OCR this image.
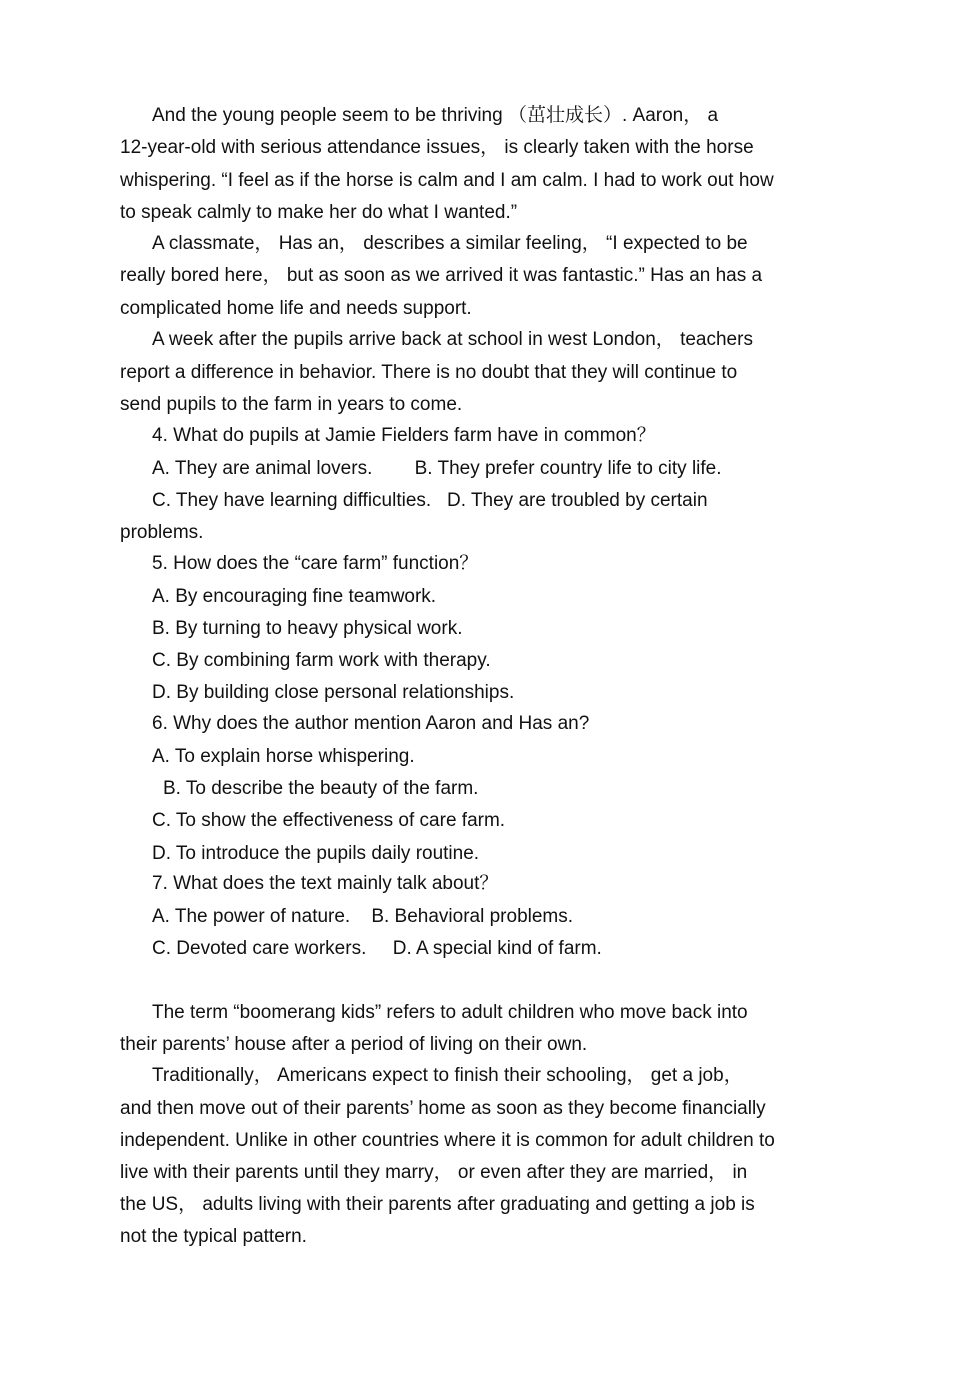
And the young people seem to be thriving （茁壮成长）. Aaron， a

12-year-old with serious attendance issues， is clearly taken with the horse

whispering. “I feel as if the horse is calm and I am calm. I had to work out how

to speak calmly to make her do what I wanted.”

A classmate， Has an， describes a similar feeling， “I expected to be

really bored here， but as soon as we arrived it was fantastic.” Has an has a

complicated home life and needs support.

A week after the pupils arrive back at school in west London， teachers

report a difference in behavior. There is no doubt that they will continue to

send pupils to the farm in years to come.

4. What do pupils at Jamie Fielders farm have in common？

A. They are animal lovers.        B. They prefer country life to city life.

C. They have learning difficulties.   D. They are troubled by certain

problems.

5. How does the “care farm” function？

A. By encouraging fine teamwork.

B. By turning to heavy physical work.

C. By combining farm work with therapy.

D. By building close personal relationships.

6. Why does the author mention Aaron and Has an?

A. To explain horse whispering.

B. To describe the beauty of the farm.

C. To show the effectiveness of care farm.

D. To introduce the pupils daily routine.

7. What does the text mainly talk about？

A. The power of nature.    B. Behavioral problems.

C. Devoted care workers.     D. A special kind of farm.

The term “boomerang kids” refers to adult children who move back into

their parents’ house after a period of living on their own.

Traditionally， Americans expect to finish their schooling， get a job，

and then move out of their parents’ home as soon as they become financially

independent. Unlike in other countries where it is common for adult children to

live with their parents until they marry， or even after they are married， in

the US， adults living with their parents after graduating and getting a job is

not the typical pattern.
